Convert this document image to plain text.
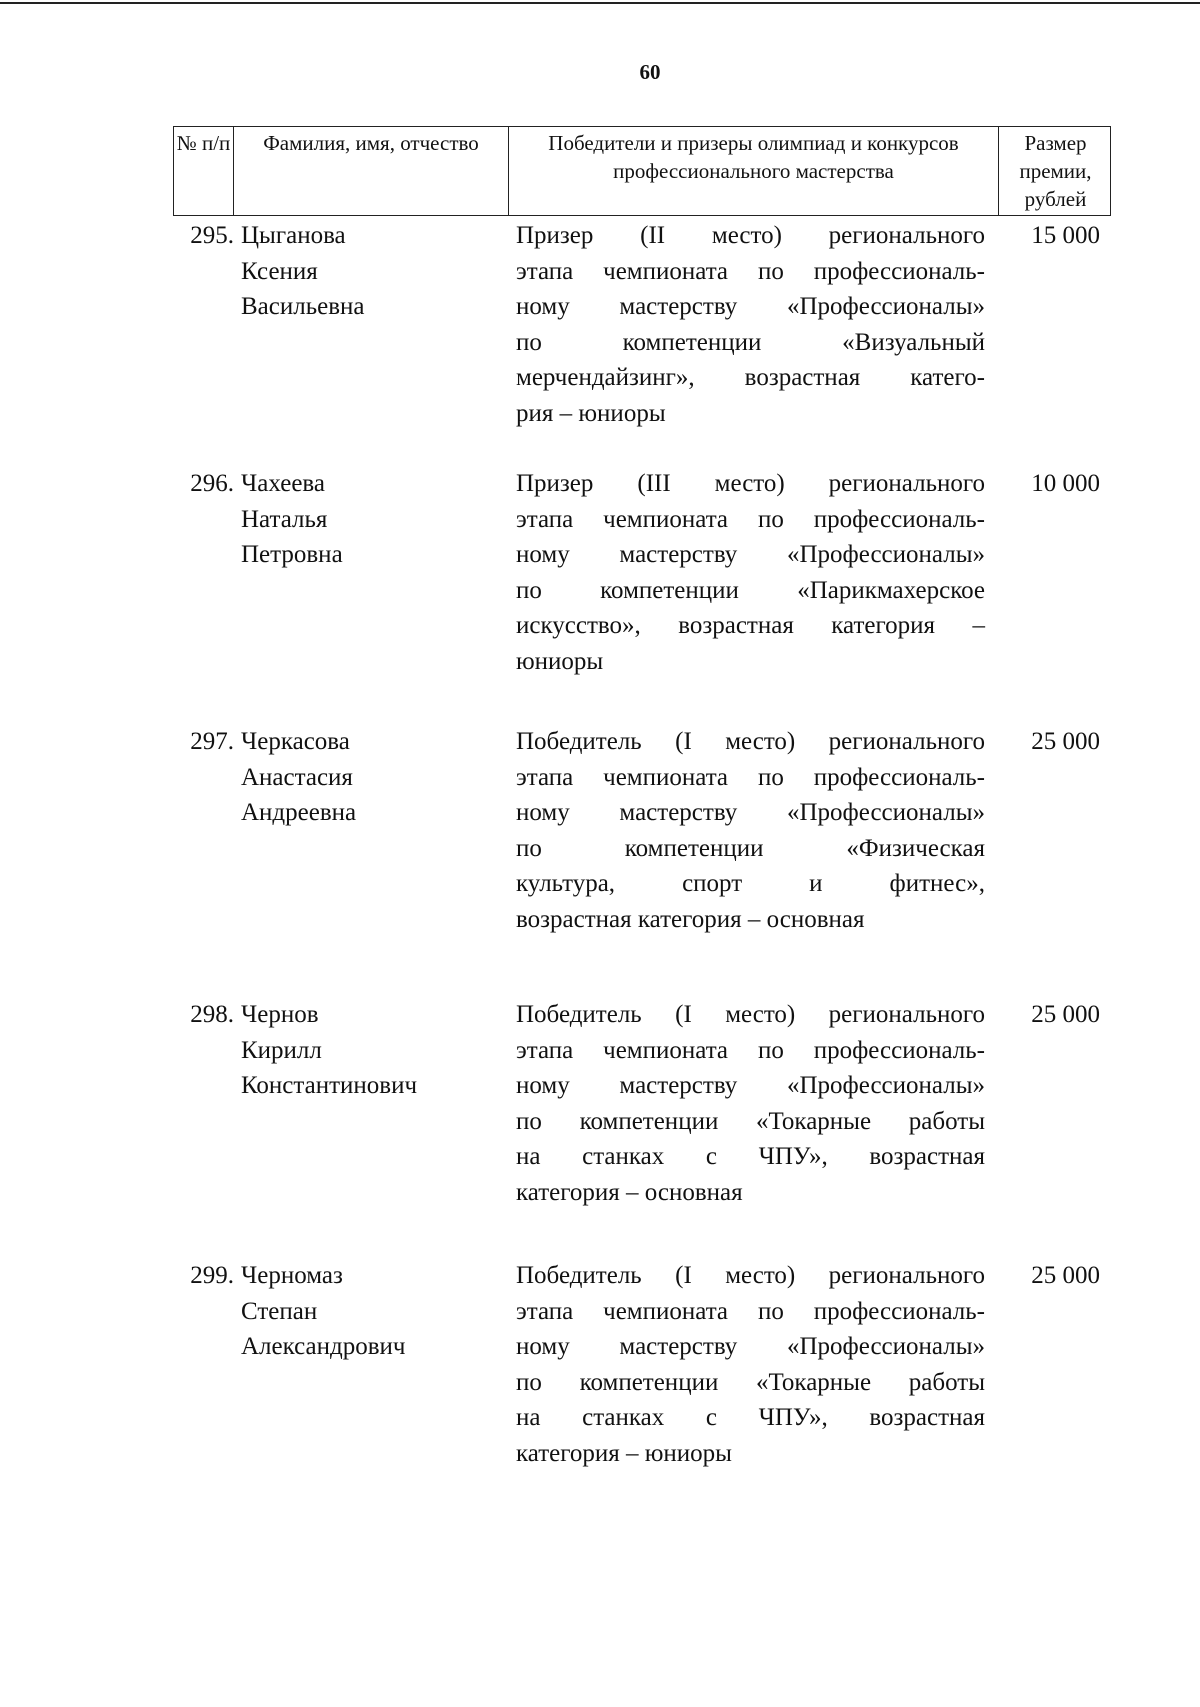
60
№ п/п	Фамилия, имя, отчество	Победители и призеры олимпиад и конкурсов профессионального мастерства
Размер премии, рублей
295. Цыганова
Ксения
Васильевна
Призер (II место) регионального
этапа чемпионата по профессиональ-
ному мастерству «Профессионалы»
по компетенции «Визуальный
мерчендайзинг», возрастная катего-
рия – юниоры
15 000
296. Чахеева
Наталья
Петровна
Призер (III место) регионального
этапа чемпионата по профессиональ-
ному мастерству «Профессионалы»
по компетенции «Парикмахерское
искусство», возрастная категория –
юниоры
10 000
297. Черкасова
Анастасия
Андреевна
Победитель (I место) регионального
этапа чемпионата по профессиональ-
ному мастерству «Профессионалы»
по компетенции «Физическая
культура, спорт и фитнес»,
возрастная категория – основная
25 000
298. Чернов
Кирилл
Константинович
Победитель (I место) регионального
этапа чемпионата по профессиональ-
ному мастерству «Профессионалы»
по компетенции «Токарные работы
на станках с ЧПУ», возрастная
категория – основная
25 000
299. Черномаз
Степан
Александрович
Победитель (I место) регионального
этапа чемпионата по профессиональ-
ному мастерству «Профессионалы»
по компетенции «Токарные работы
на станках с ЧПУ», возрастная
категория – юниоры
25 000
